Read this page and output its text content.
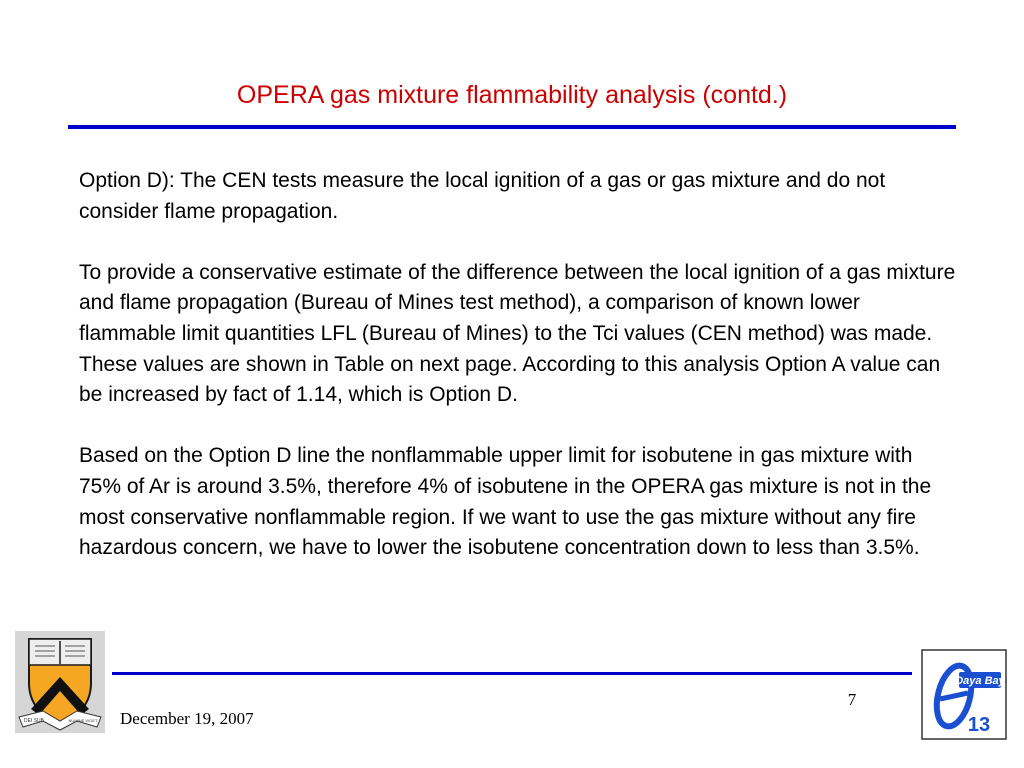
OPERA gas mixture flammability analysis (contd.)

Option D): The CEN tests measure the local ignition of a gas or gas mixture and do not consider flame propagation.

To provide a conservative estimate of the difference between the local ignition of a gas mixture and flame propagation (Bureau of Mines test method), a comparison of known lower flammable limit quantities LFL (Bureau of Mines) to the Tci values (CEN method) was made. These values are shown in Table on next page. According to this analysis Option A value can be increased by fact of 1.14, which is Option D.

Based on the Option D line the nonflammable upper limit for isobutene in gas mixture with 75% of Ar is around 3.5%, therefore 4% of isobutene in the OPERA gas mixture is not in the most conservative nonflammable region. If we want to use the gas mixture without any fire hazardous concern, we have to lower the isobutene concentration down to less than 3.5%.

DEI SUB	NUMINE VIGET
7
December 19, 2007
Daya Bay
13
